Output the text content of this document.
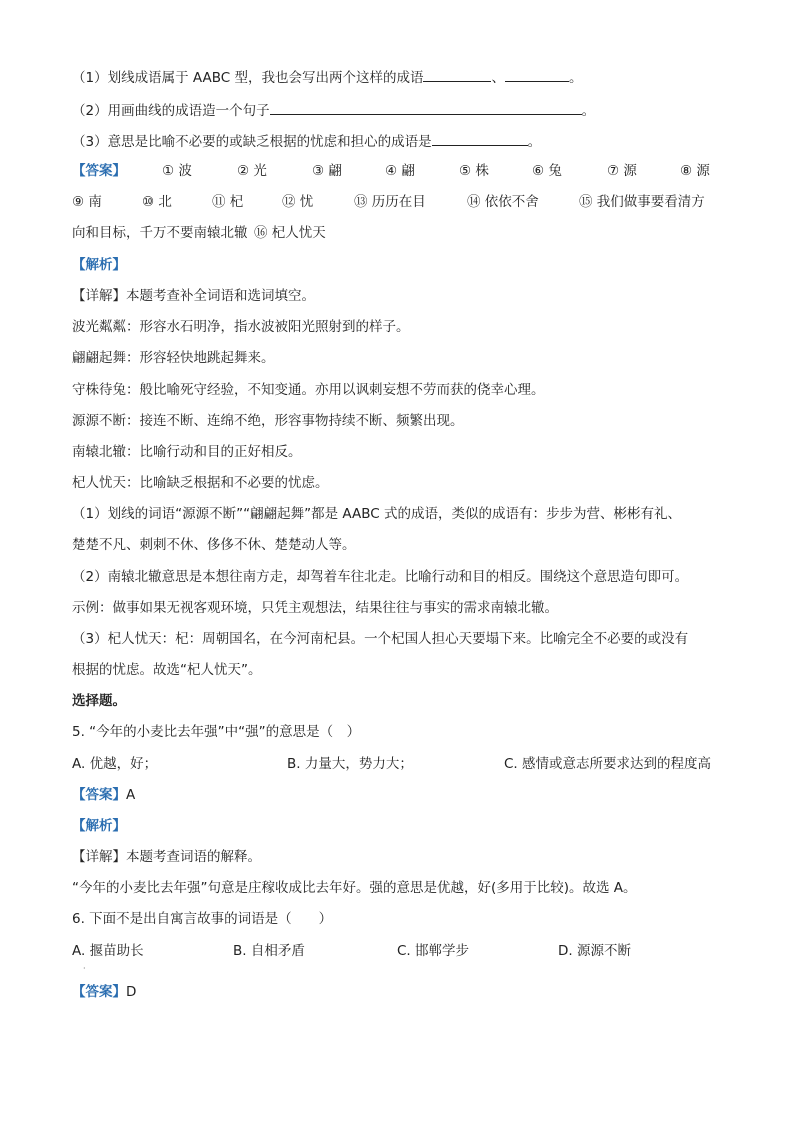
（1）划线成语属于 AABC 型，我也会写出两个这样的成语	、	。
（2）用画曲线的成语造一个句子	。
（3）意思是比喻不必要的或缺乏根据的忧虑和担心的成语是	。
【答案】	① 波	② 光	③ 翩	④ 翩	⑤ 株	⑥ 兔	⑦ 源	⑧ 源
⑨ 南	⑩ 北	⑪ 杞	⑫ 忧	⑬ 历历在目	⑭ 依依不舍	⑮ 我们做事要看清方
向和目标，千万不要南辕北辙 ⑯ 杞人忧天
【解析】
【详解】本题考查补全词语和选词填空。
波光粼粼：形容水石明净，指水波被阳光照射到的样子。
翩翩起舞：形容轻快地跳起舞来。
守株待兔：般比喻死守经验，不知变通。亦用以讽刺妄想不劳而获的侥幸心理。
源源不断：接连不断、连绵不绝，形容事物持续不断、频繁出现。
南辕北辙：比喻行动和目的正好相反。
杞人忧天：比喻缺乏根据和不必要的忧虑。
（1）划线的词语“源源不断”“翩翩起舞”都是 AABC 式的成语，类似的成语有：步步为营、彬彬有礼、
楚楚不凡、刺刺不休、侈侈不休、楚楚动人等。
（2）南辕北辙意思是本想往南方走，却驾着车往北走。比喻行动和目的相反。围绕这个意思造句即可。
示例：做事如果无视客观环境，只凭主观想法，结果往往与事实的需求南辕北辙。
（3）杞人忧天：杞：周朝国名，在今河南杞县。一个杞国人担心天要塌下来。比喻完全不必要的或没有
根据的忧虑。故选“杞人忧天”。
选择题。
5. “今年的小麦比去年强”中“强”的意思是（　）
A. 优越，好；	B. 力量大，势力大；	C. 感情或意志所要求达到的程度高
【答案】A
【解析】
【详解】本题考查词语的解释。
“今年的小麦比去年强”句意是庄稼收成比去年好。强的意思是优越，好(多用于比较)。故选 A。
6. 下面不是出自寓言故事的词语是（　　）
A. 揠苗助长	B. 自相矛盾	C. 邯郸学步	D. 源源不断
·
【答案】D
